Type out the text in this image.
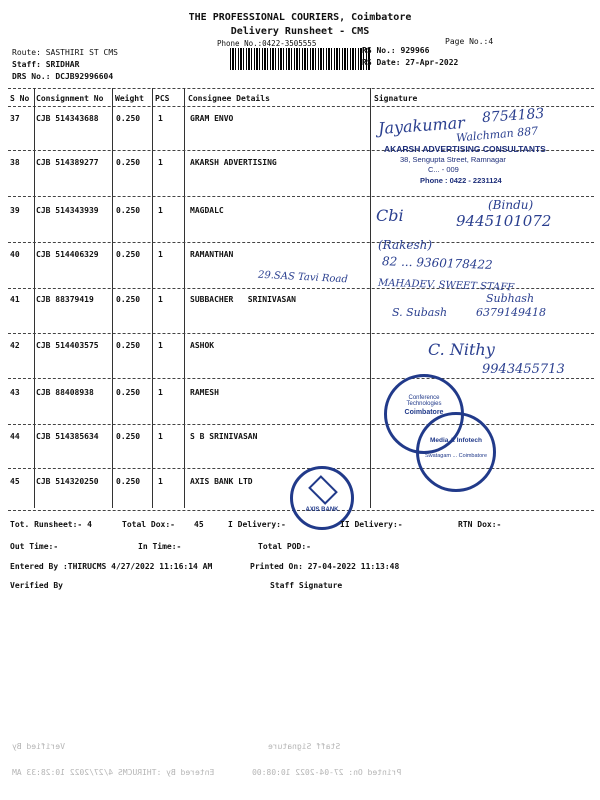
THE PROFESSIONAL COURIERS, Coimbatore
Delivery Runsheet - CMS
Phone No.:0422-3505555	Page No.:4
Route: SASTHIRI ST CMS
Staff: SRIDHAR
DRS No.: DCJB92996604
RS No.: 929966
RS Date: 27-Apr-2022
S No Consignment No Weight PCS Consignee Details	Signature
37 CJB 514343688 0.250 1	GRAM ENVO
38 CJB 514389277 0.250 1	AKARSH ADVERTISING
39 CJB 514343939 0.250 1	MAGDALC
40 CJB 514406329 0.250 1	RAMANTHAN
41 CJB 88379419	0.250 1	SUBBACHER   SRINIVASAN
42 CJB 514403575 0.250 1	ASHOK
43 CJB 88408938	0.250 1	RAMESH
44 CJB 514385634 0.250 1	S B SRINIVASAN
45 CJB 514320250 0.250 1	AXIS BANK LTD
Jayakumar 8754183
Walchman 887
AKARSH ADVERTISING CONSULTANTS
38, Sengupta Street, Ramnagar
C... - 009
Phone : 0422 - 2231124
(Bindu)
Cbi	9445101072
(Rakesh)
82 ... 9360178422
29.SAS Tavi Road
MAHADEV. SWEET STAFF
Subhash
S. Subash	6379149418
C. Nithy
9943455713
Conference Technologies
Coimbatore
Media & Infotech
Swatagam ... Coimbatore
AXIS BANK
Tot. Runsheet:- 4	Total Dox:- 45	I Delivery:-	II Delivery:-	RTN Dox:-
Out Time:-	In Time:-	Total POD:-
Entered By :THIRUCMS 4/27/2022 11:16:14 AM	Printed On: 27-04-2022 11:13:48
Verified By	Staff Signature
Verified By	Staff Signature
Entered By :THIRUCMS 4/27/2022 10:28:33 AM	Printed On: 27-04-2022 10:08:00
